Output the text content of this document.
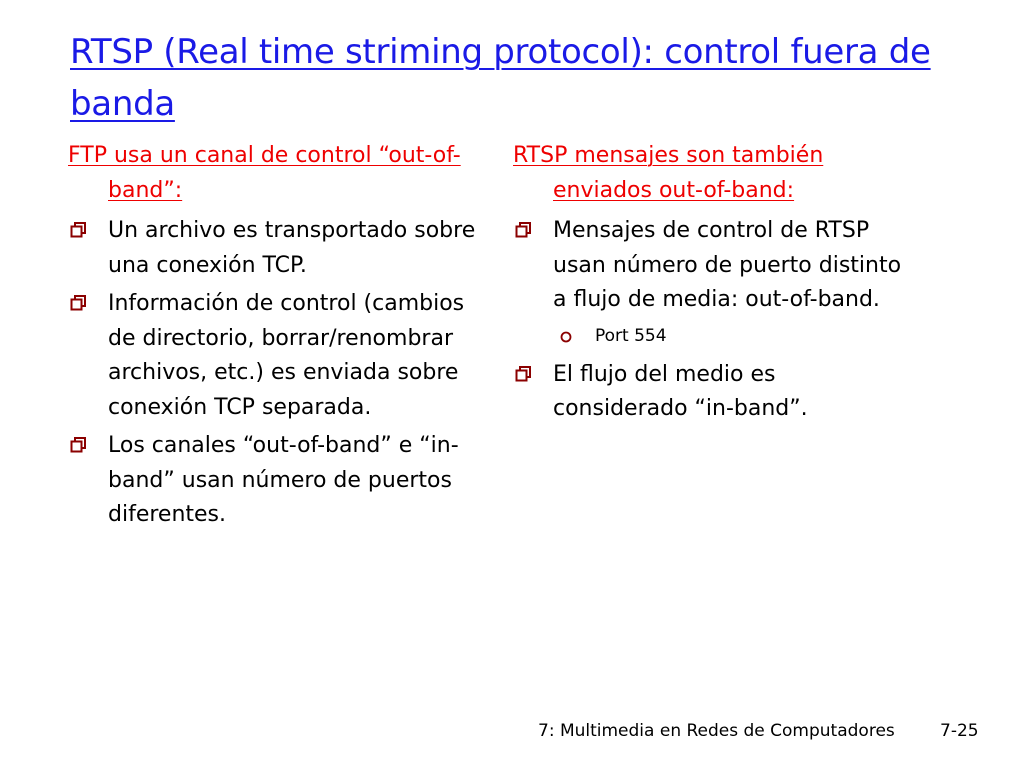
RTSP (Real time striming protocol): control fuera de banda
FTP usa un canal de control “out-of-band”:
Un archivo es transportado sobre una conexión TCP.
Información de control (cambios de directorio, borrar/renombrar archivos, etc.) es enviada sobre conexión TCP separada.
Los canales “out-of-band” e “in-band” usan número de puertos diferentes.
RTSP mensajes son también enviados out-of-band:
Mensajes de control de RTSP usan número de puerto distinto a flujo de media: out-of-band.
Port 554
El flujo del medio es considerado “in-band”.
7: Multimedia en Redes de Computadores	7-25
